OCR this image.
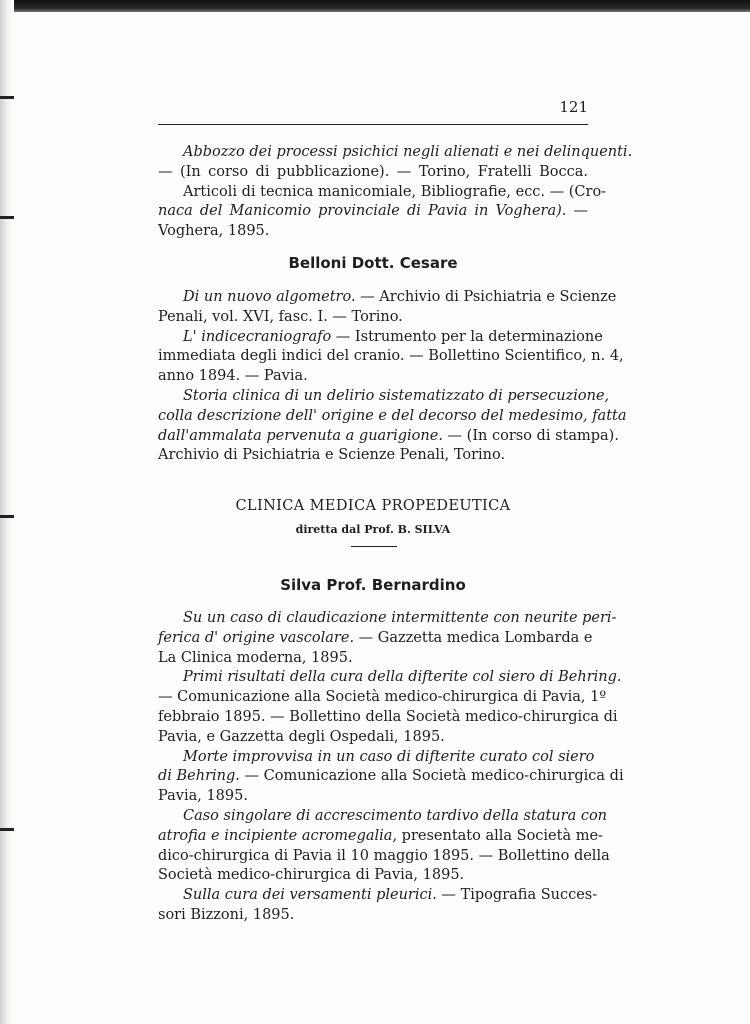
121
Abbozzo dei processi psichici negli alienati e nei delinquenti.
— (In corso di pubblicazione). — Torino, Fratelli Bocca.
Articoli di tecnica manicomiale, Bibliografie, ecc. — (Cro-
naca del Manicomio provinciale di Pavia in Voghera). —
Voghera, 1895.
Belloni Dott. Cesare
Di un nuovo algometro. — Archivio di Psichiatria e Scienze
Penali, vol. XVI, fasc. I. — Torino.
L' indicecraniografo — Istrumento per la determinazione
immediata degli indici del cranio. — Bollettino Scientifico, n. 4,
anno 1894. — Pavia.
Storia clinica di un delirio sistematizzato di persecuzione,
colla descrizione dell' origine e del decorso del medesimo, fatta
dall'ammalata pervenuta a guarigione. — (In corso di stampa).
Archivio di Psichiatria e Scienze Penali, Torino.
CLINICA MEDICA PROPEDEUTICA
diretta dal Prof. B. SILVA
Silva Prof. Bernardino
Su un caso di claudicazione intermittente con neurite peri-
ferica d' origine vascolare. — Gazzetta medica Lombarda e
La Clinica moderna, 1895.
Primi risultati della cura della difterite col siero di Behring.
— Comunicazione alla Società medico-chirurgica di Pavia, 1º
febbraio 1895. — Bollettino della Società medico-chirurgica di
Pavia, e Gazzetta degli Ospedali, 1895.
Morte improvvisa in un caso di difterite curato col siero
di Behring. — Comunicazione alla Società medico-chirurgica di
Pavia, 1895.
Caso singolare di accrescimento tardivo della statura con
atrofia e incipiente acromegalia, presentato alla Società me-
dico-chirurgica di Pavia il 10 maggio 1895. — Bollettino della
Società medico-chirurgica di Pavia, 1895.
Sulla cura dei versamenti pleurici. — Tipografia Succes-
sori Bizzoni, 1895.
